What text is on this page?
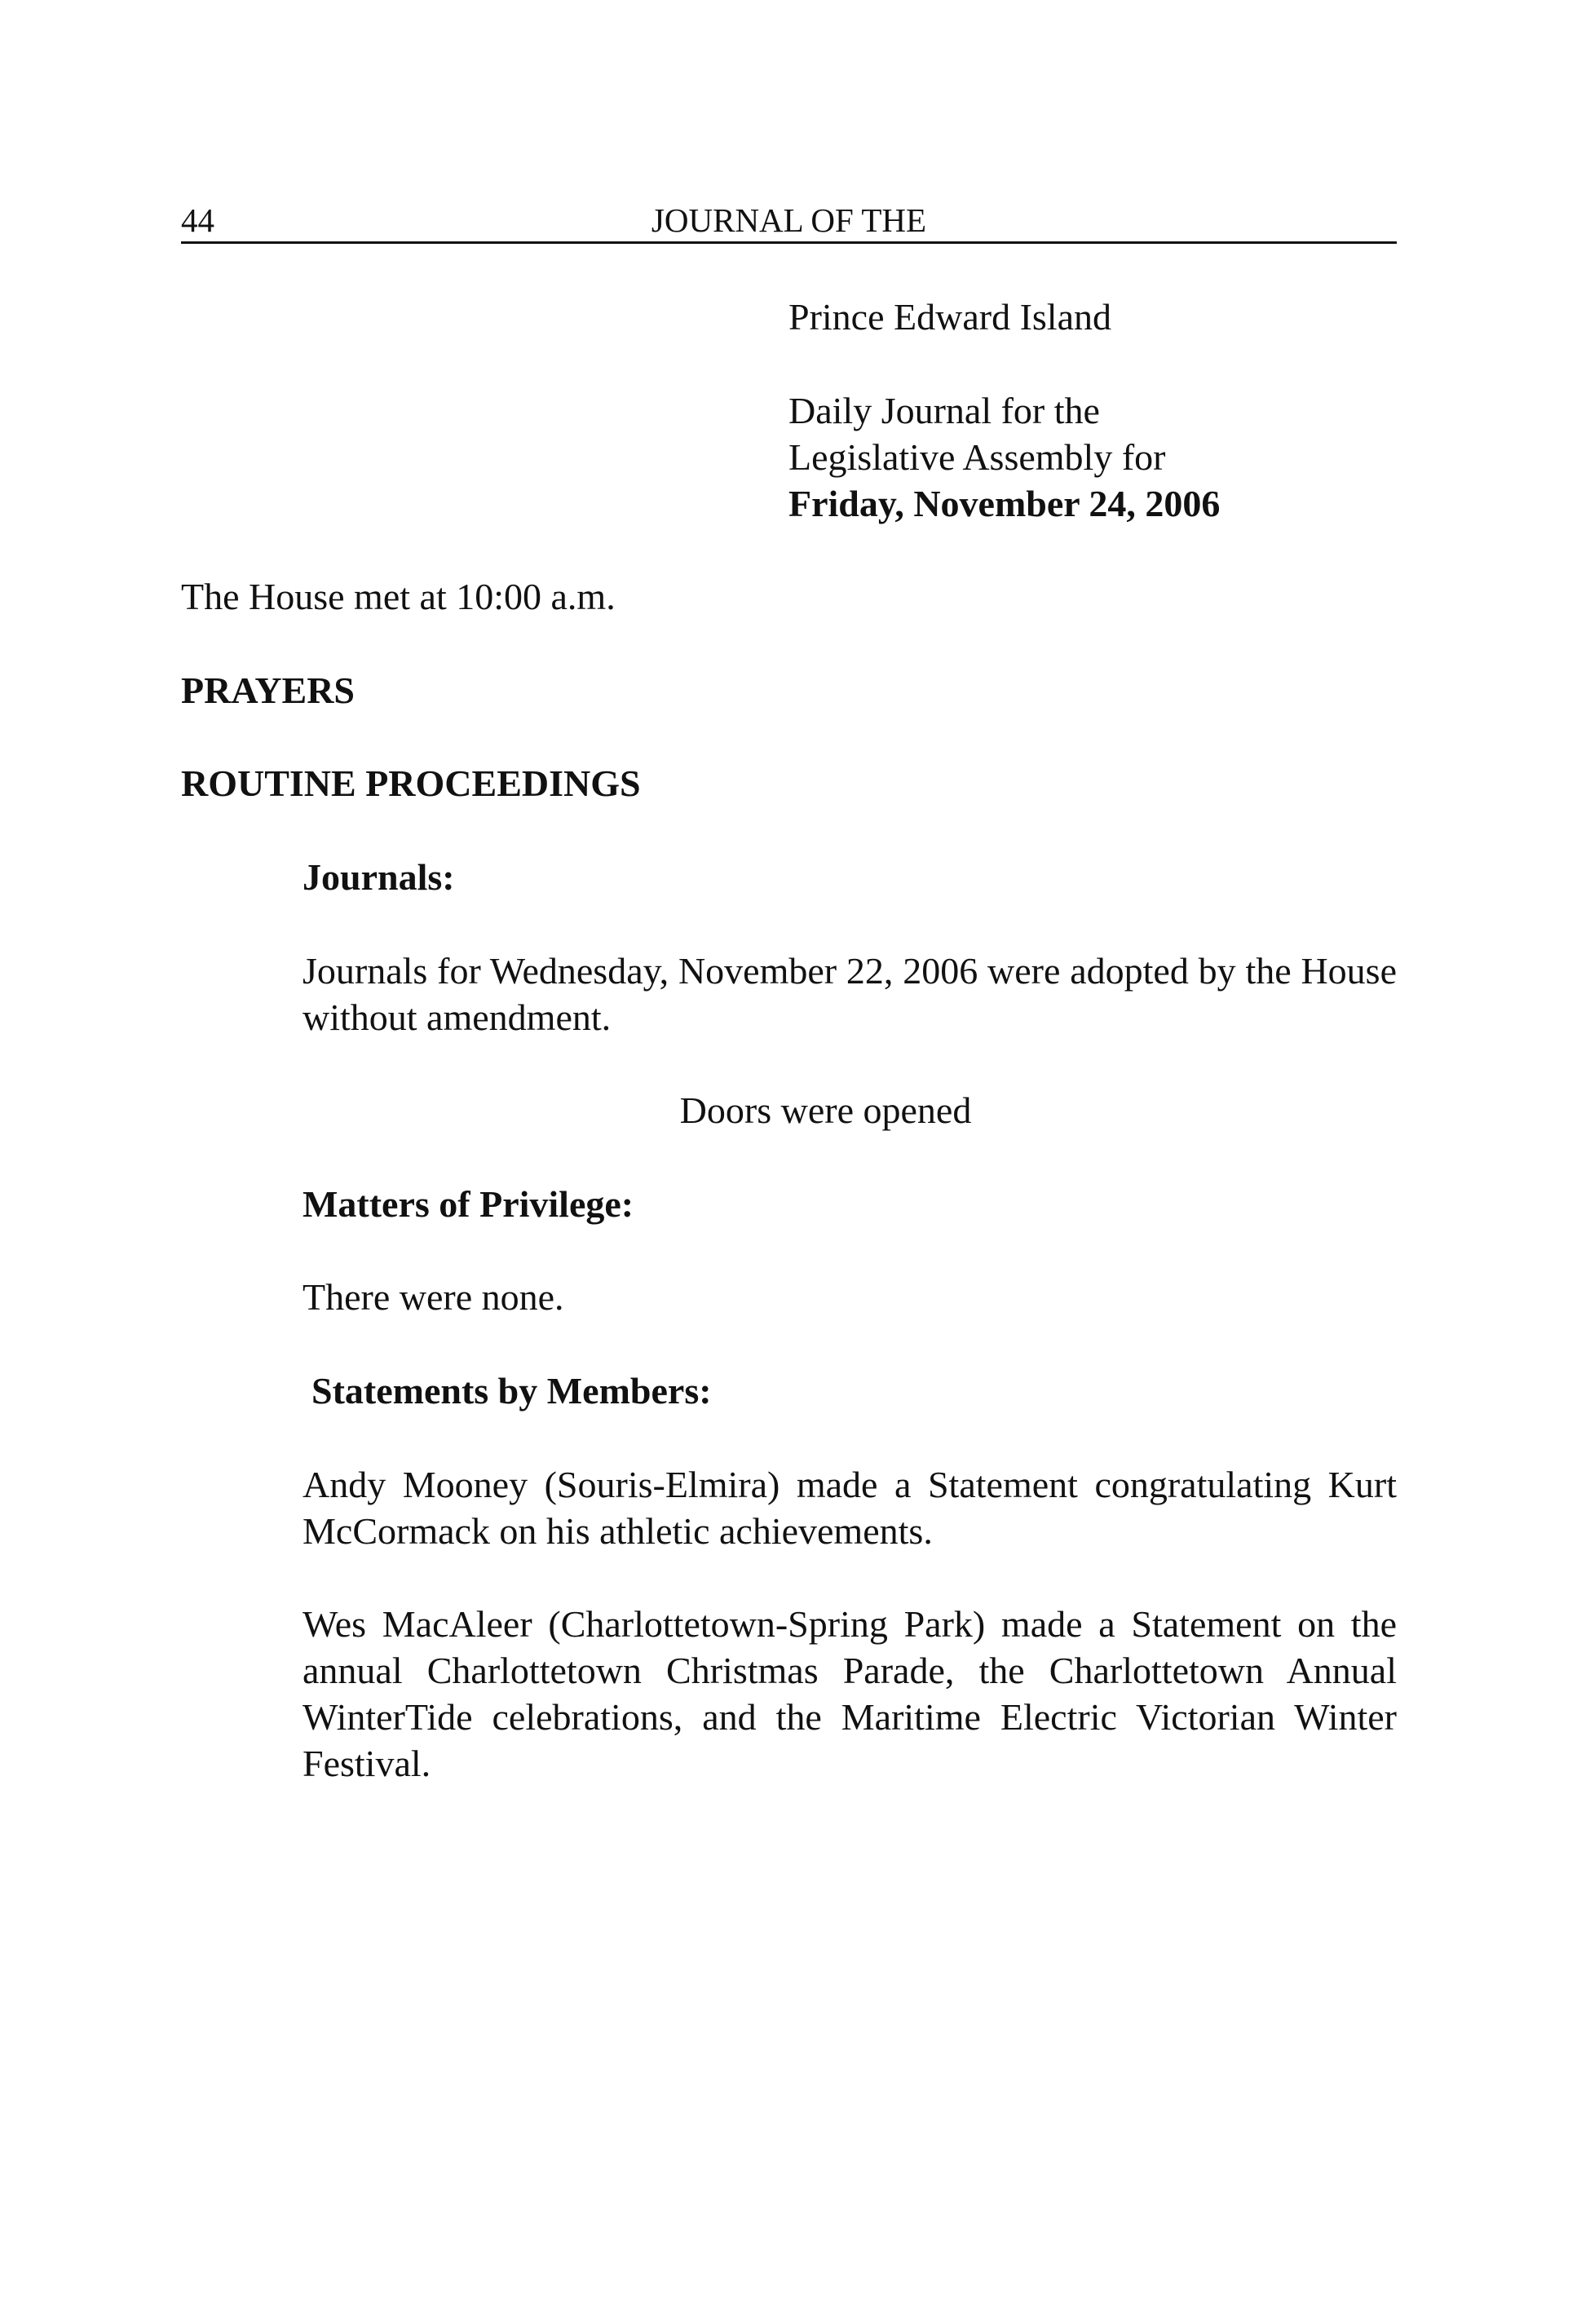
44	JOURNAL OF THE

Prince Edward Island

Daily Journal for the

Legislative Assembly for

Friday, November 24, 2006

The House met at 10:00 a.m.

PRAYERS

ROUTINE PROCEEDINGS

Journals:

Journals for Wednesday, November 22, 2006 were adopted by the House without amendment.

Doors were opened

Matters of Privilege:

There were none.

Statements by Members:

Andy Mooney (Souris-Elmira) made a Statement congratulating Kurt McCormack on his athletic achievements.

Wes MacAleer (Charlottetown-Spring Park) made a Statement on the annual Charlottetown Christmas Parade, the Charlottetown Annual WinterTide celebrations, and the Maritime Electric Victorian Winter Festival.
